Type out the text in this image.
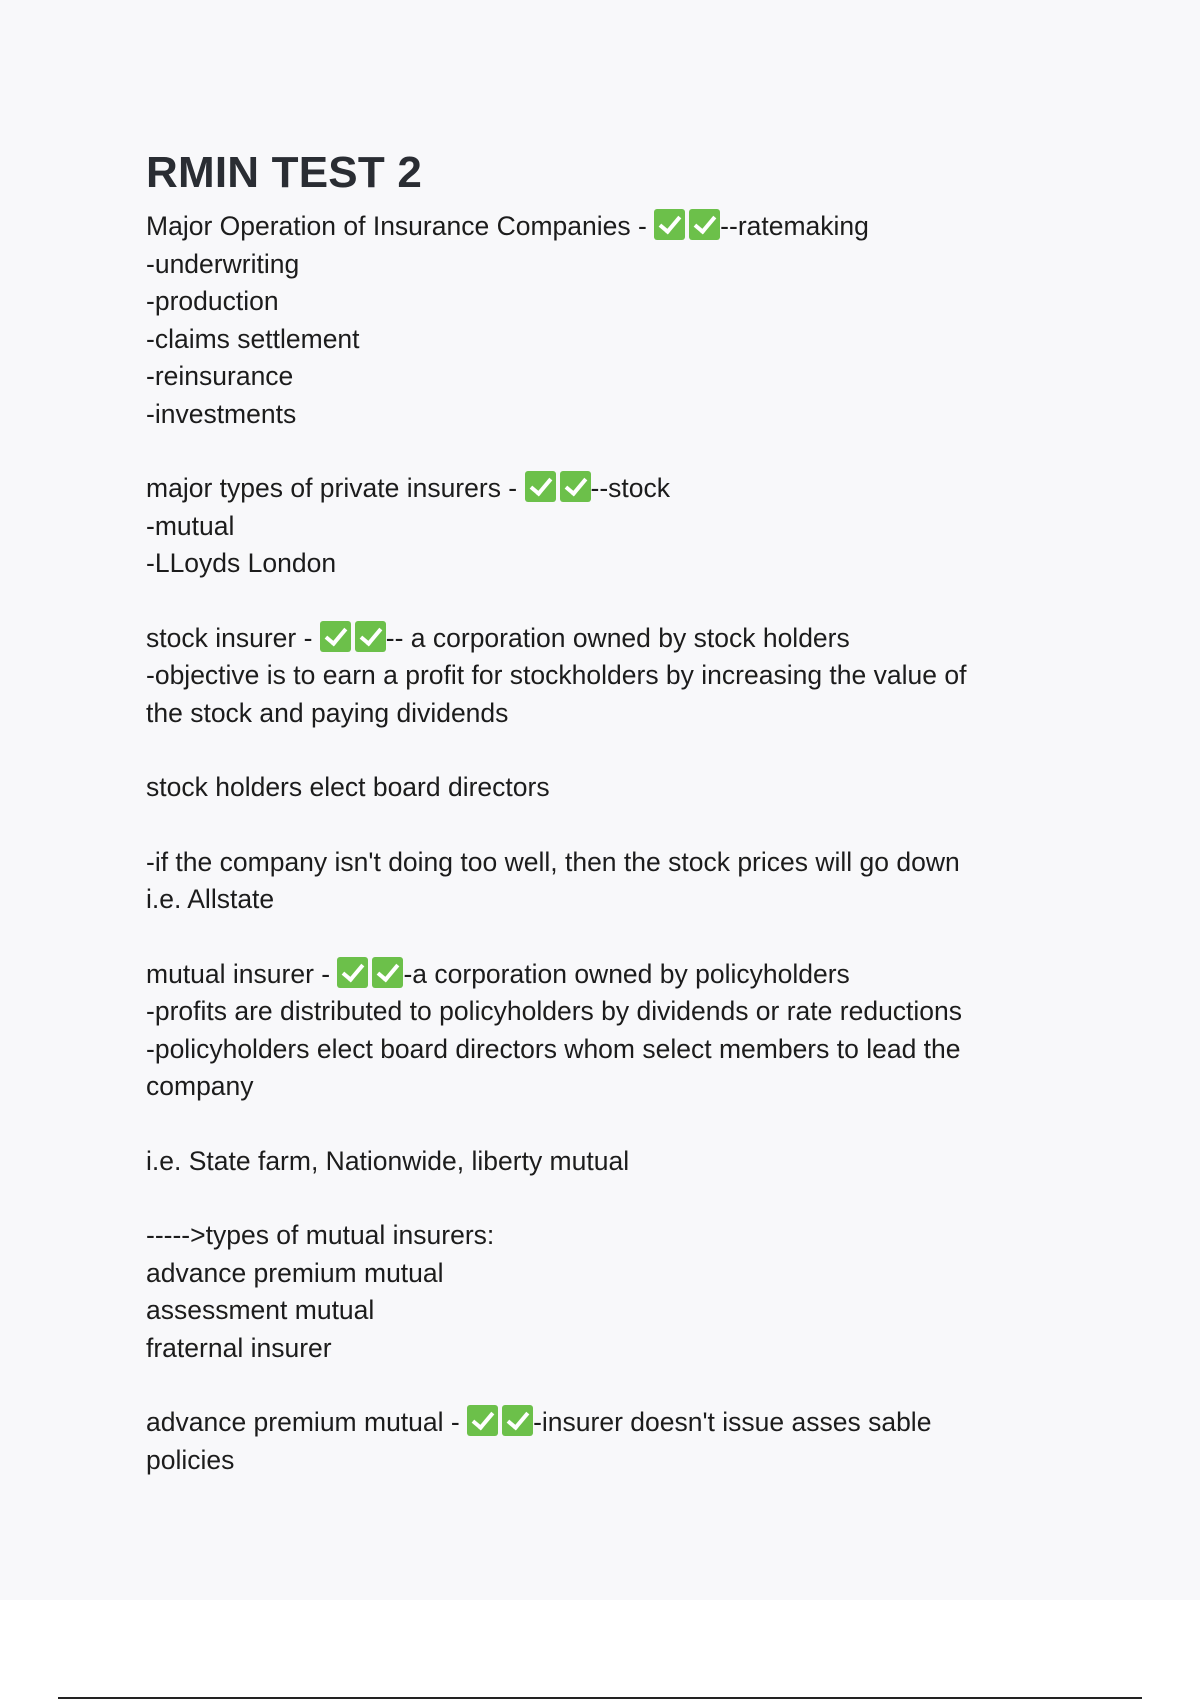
RMIN TEST 2
Major Operation of Insurance Companies - --ratemaking
-underwriting
-production
-claims settlement
-reinsurance
-investments
major types of private insurers - --stock
-mutual
-LLoyds London
stock insurer - -- a corporation owned by stock holders
-objective is to earn a profit for stockholders by increasing the value of
the stock and paying dividends
stock holders elect board directors
-if the company isn't doing too well, then the stock prices will go down
i.e. Allstate
mutual insurer - -a corporation owned by policyholders
-profits are distributed to policyholders by dividends or rate reductions
-policyholders elect board directors whom select members to lead the
company
i.e. State farm, Nationwide, liberty mutual
----->types of mutual insurers:
advance premium mutual
assessment mutual
fraternal insurer
advance premium mutual - -insurer doesn't issue asses sable
policies
